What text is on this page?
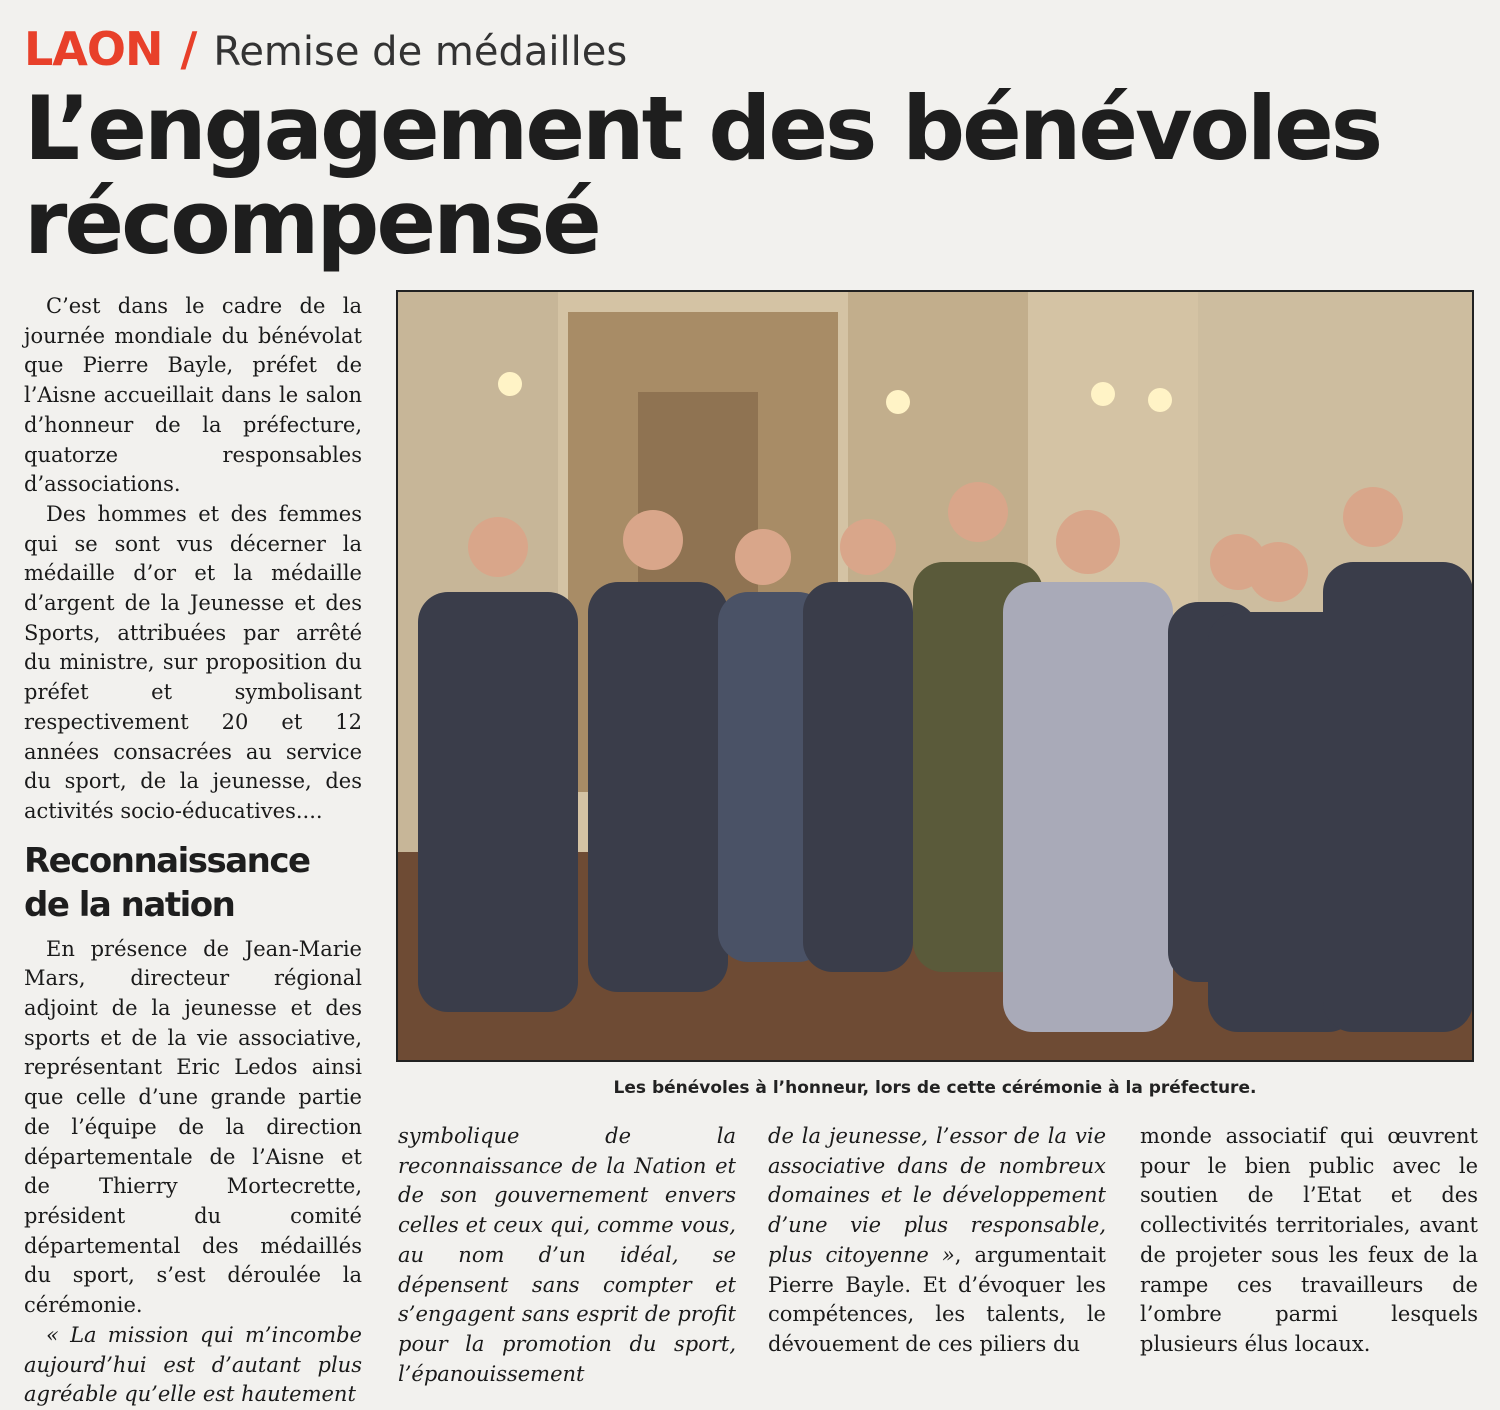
LAON / Remise de médailles
L’engagement des bénévoles récompensé

C’est dans le cadre de la journée mondiale du bénévolat que Pierre Bayle, préfet de l’Aisne accueillait dans le salon d’honneur de la préfecture, quatorze responsables d’associations.

Des hommes et des femmes qui se sont vus décerner la médaille d’or et la médaille d’argent de la Jeunesse et des Sports, attribuées par arrêté du ministre, sur proposition du préfet et symbolisant respectivement 20 et 12 années consacrées au service du sport, de la jeunesse, des activités socio-éducatives....

Reconnaissance de la nation

En présence de Jean-Marie Mars, directeur régional adjoint de la jeunesse et des sports et de la vie associative, représentant Eric Ledos ainsi que celle d’une grande partie de l’équipe de la direction départementale de l’Aisne et de Thierry Mortecrette, président du comité départemental des médaillés du sport, s’est déroulée la cérémonie.

« La mission qui m’incombe aujourd’hui est d’autant plus agréable qu’elle est hautement

Les bénévoles à l’honneur, lors de cette cérémonie à la préfecture.

symbolique de la reconnaissance de la Nation et de son gouvernement envers celles et ceux qui, comme vous, au nom d’un idéal, se dépensent sans compter et s’engagent sans esprit de profit pour la promotion du sport, l’épanouissement

de la jeunesse, l’essor de la vie associative dans de nombreux domaines et le développement d’une vie plus responsable, plus citoyenne », argumentait Pierre Bayle. Et d’évoquer les compétences, les talents, le dévouement de ces piliers du

monde associatif qui œuvrent pour le bien public avec le soutien de l’Etat et des collectivités territoriales, avant de projeter sous les feux de la rampe ces travailleurs de l’ombre parmi lesquels plusieurs élus locaux.
